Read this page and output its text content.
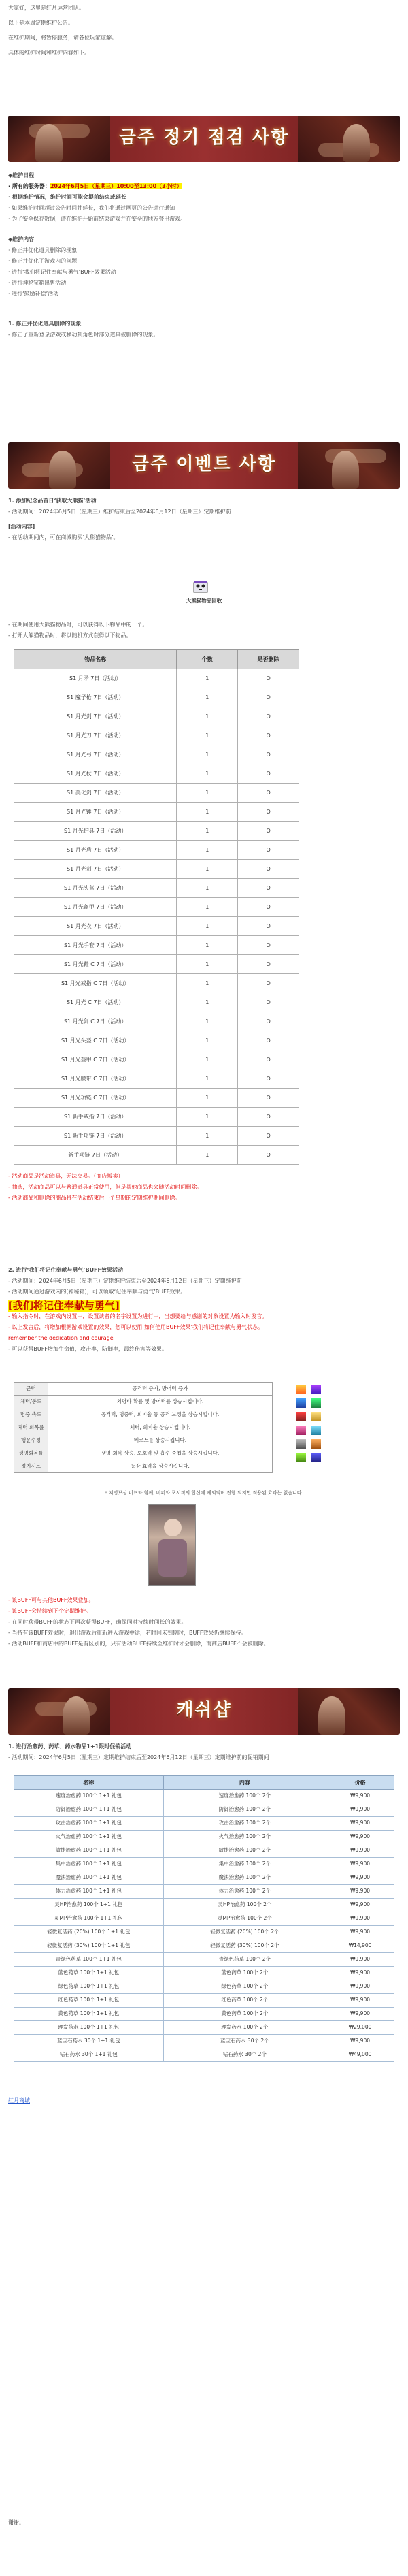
大家好，这里是红月运营团队。

以下是本周定期维护公告。

在维护期间，将暂停服务，请各位玩家谅解。

具体的维护时间和维护内容如下。

금주 정기 점검 사항
◆维护日程
· 所有的服务器：2024年6月5日（星期三）10:00至13:00（3小时）
· 根据维护情况，维护时间可能会提前结束或延长
· 如果维护时间超过公告时间并延长，我们将通过网页的公告进行通知
· 为了安全保存数据，请在维护开始前结束游戏并在安全的地方登出游戏。
◆维护内容
· 修正并优化道具删除的现象
· 修正并优化了游戏内的问题
· 进行‘我们将记住奉献与勇气’BUFF效果活动
· 进行神秘宝箱出售活动
· 进行‘鼓励补偿’活动
1. 修正并优化道具删除的现象
- 修正了重新登录游戏或移动到角色时部分道具被删除的现象。
금주 이벤트 사항
1. 添加纪念品首日‘获取大熊猫’活动
- 活动期间：2024年6月5日（星期三）维护结束后至2024年6月12日（星期三）定期维护前
[活动内容]
- 在活动期间内，可在商城购买‘大熊猫物品’。
大熊猫物品回收
- 在期间使用大熊猫物品时，可以获得以下物品中的一个。
- 打开大熊猫物品时，将以随机方式获得以下物品。
物品名称	个数	是否删除
S1 月矛 7日（活动）	1	O
S1 魔子枪 7日（活动）	1	O
S1 月光剑 7日（活动）	1	O
S1 月光刀 7日（活动）	1	O
S1 月光弓 7日（活动）	1	O
S1 月光杖 7日（活动）	1	O
S1 美化剑 7日（活动）	1	O
S1 月光锤 7日（活动）	1	O
S1 月光护具 7日（活动）	1	O
S1 月光盾 7日（活动）	1	O
S1 月光剑 7日（活动）	1	O
S1 月光头盔 7日（活动）	1	O
S1 月光盔甲 7日（活动）	1	O
S1 月光衣 7日（活动）	1	O
S1 月光手套 7日（活动）	1	O
S1 月光鞋 C 7日（活动）	1	O
S1 月光戒指 C 7日（活动）	1	O
S1 月光 C 7日（活动）	1	O
S1 月光剑 C 7日（活动）	1	O
S1 月光头盔 C 7日（活动）	1	O
S1 月光盔甲 C 7日（活动）	1	O
S1 月光腰带 C 7日（活动）	1	O
S1 月光项链 C 7日（活动）	1	O
S1 新手戒指 7日（活动）	1	O
S1 新手项链 7日（活动）	1	O
新手项链 7日（活动）	1	O
- 活动商品是活动道具，无法交易。（商店贩卖）
- 抽选，活动商品可以与普通道具正常使用，但是其他商品也会随活动时间删除。
- 活动商品和删除的商品将在活动结束后一个星期的定期维护期间删除。
2. 进行‘我们将记住奉献与勇气’BUFF效果活动
- 活动期间：2024年6月5日（星期三）定期维护结束后至2024年6月12日（星期三）定期维护前
- 活动期间通过游戏内的[神秘箱]，可以领取‘记住奉献与勇气’BUFF效果。
[我们将记住奉献与勇气]
- 输入指令时，在游戏内设置中，设置读者的名字设置为进行中，当想要给与感谢的对象设置为输入时发言。
- 以上发言后，将增加根据游戏设置的效果，您可以使用‘如何使用BUFF效果’我们将记住奉献与勇气状态。
remember the dedication and courage
- 可以获得BUFF增加生命值，攻击率，防御率，最终伤害等效果。
근력	공격력 증가, 방어력 증가
체력/통도	치명타 확률 및 방어력률 상승시킵니다.
명중 속도	공격력, 명중력, 회피율 등 공격 보정을 상승시킵니다.
체력 회복률	체력, 회피율 상승시킵니다.
행운수정	베르트를 상승시킵니다.
생명회복률	생명 회복 상승, 보호력 및 흡수 중첩을 상승시킵니다.
정기시트	동장 효력을 상승시킵니다.
* 치명보상 버프와 함께, 버퍼와 포서직의 합산에 제외되며 진행 되지만 적용된 효과는 없습니다.
- 该BUFF可与其他BUFF效果叠加。
- 该BUFF会持续到下个定期维护。
- 在同时获得BUFF的状态下再次获得BUFF，确保同时持续时间长的效果。
- 当持有该BUFF效果时，退出游戏后重新进入游戏中途，若时间未到期时，BUFF效果仍继续保持。
- 活动BUFF和商店中的BUFF是有区别的，只有活动BUFF持续至维护时才会删除，而商店BUFF不会被删除。
캐쉬샵
1. 进行治愈药、药草、药水物品1+1限时促销活动
- 活动期间：2024年6月5日（星期三）定期维护结束后至2024年6月12日（星期三）定期维护前的促销期间
名称	内容	价格
速度治愈药 100个 1+1 礼包	速度治愈药 100个 2个	₩9,900
防御治愈药 100个 1+1 礼包	防御治愈药 100个 2个	₩9,900
攻击治愈药 100个 1+1 礼包	攻击治愈药 100个 2个	₩9,900
火气治愈药 100个 1+1 礼包	火气治愈药 100个 2个	₩9,900
敏捷治愈药 100个 1+1 礼包	敏捷治愈药 100个 2个	₩9,900
集中治愈药 100个 1+1 礼包	集中治愈药 100个 2个	₩9,900
魔法治愈药 100个 1+1 礼包	魔法治愈药 100个 2个	₩9,900
体力治愈药 100个 1+1 礼包	体力治愈药 100个 2个	₩9,900
灵HP治愈药 100个 1+1 礼包	灵HP治愈药 100个 2个	₩9,900
灵MP治愈药 100个 1+1 礼包	灵MP治愈药 100个 2个	₩9,900
轻微复活药 (20%) 100个 1+1 礼包	轻微复活药 (20%) 100个 2个	₩9,900
轻微复活药 (30%) 100个 1+1 礼包	轻微复活药 (30%) 100个 2个	₩14,900
青绿色药草 100个 1+1 礼包	青绿色药草 100个 2个	₩9,900
蓝色药草 100个 1+1 礼包	蓝色药草 100个 2个	₩9,900
绿色药草 100个 1+1 礼包	绿色药草 100个 2个	₩9,900
红色药草 100个 1+1 礼包	红色药草 100个 2个	₩9,900
黄色药草 100个 1+1 礼包	黄色药草 100个 2个	₩9,900
理发药水 100个 1+1 礼包	理发药水 100个 2个	₩29,000
蓝宝石药水 30个 1+1 礼包	蓝宝石药水 30个 2个	₩9,900
钻石药水 30个 1+1 礼包	钻石药水 30个 2个	₩49,000
红月商城
谢谢。
